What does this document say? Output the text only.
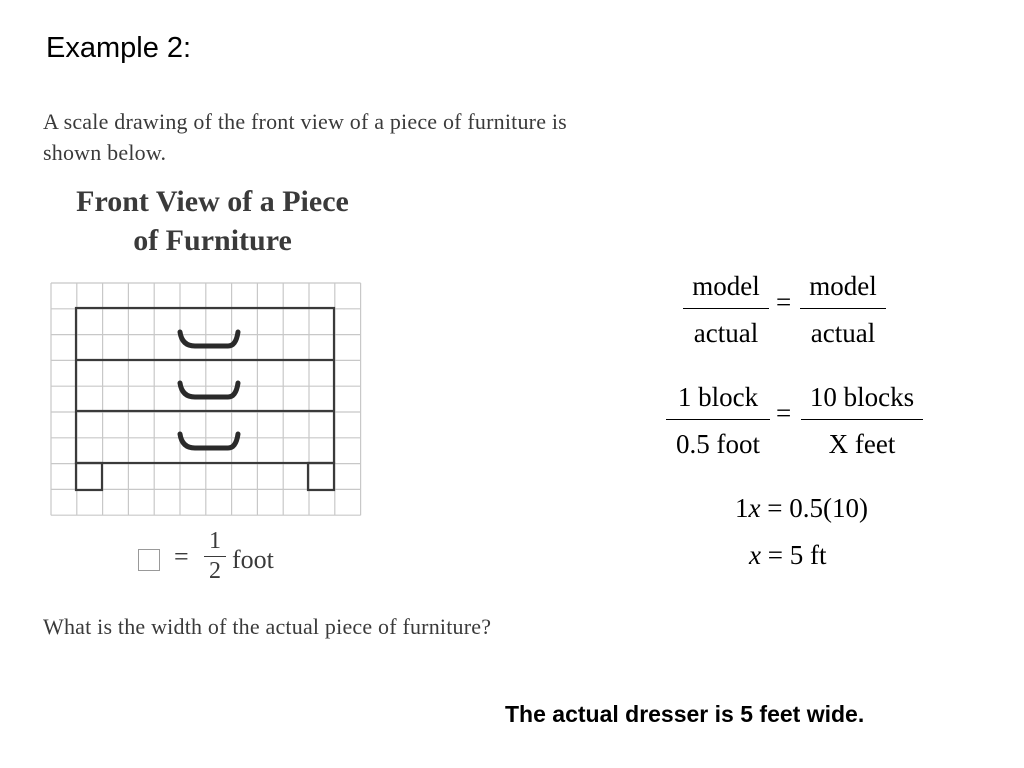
Example 2:
A scale drawing of the front view of a piece of furniture is shown below.
Front View of a Piece
of Furniture
=
1
2 foot
What is the width of the actual piece of furniture?
model
actual
=
model
actual
1 block
0.5 foot
=
10 blocks
X feet
1x = 0.5(10)
x = 5 ft
The actual dresser is 5 feet wide.
